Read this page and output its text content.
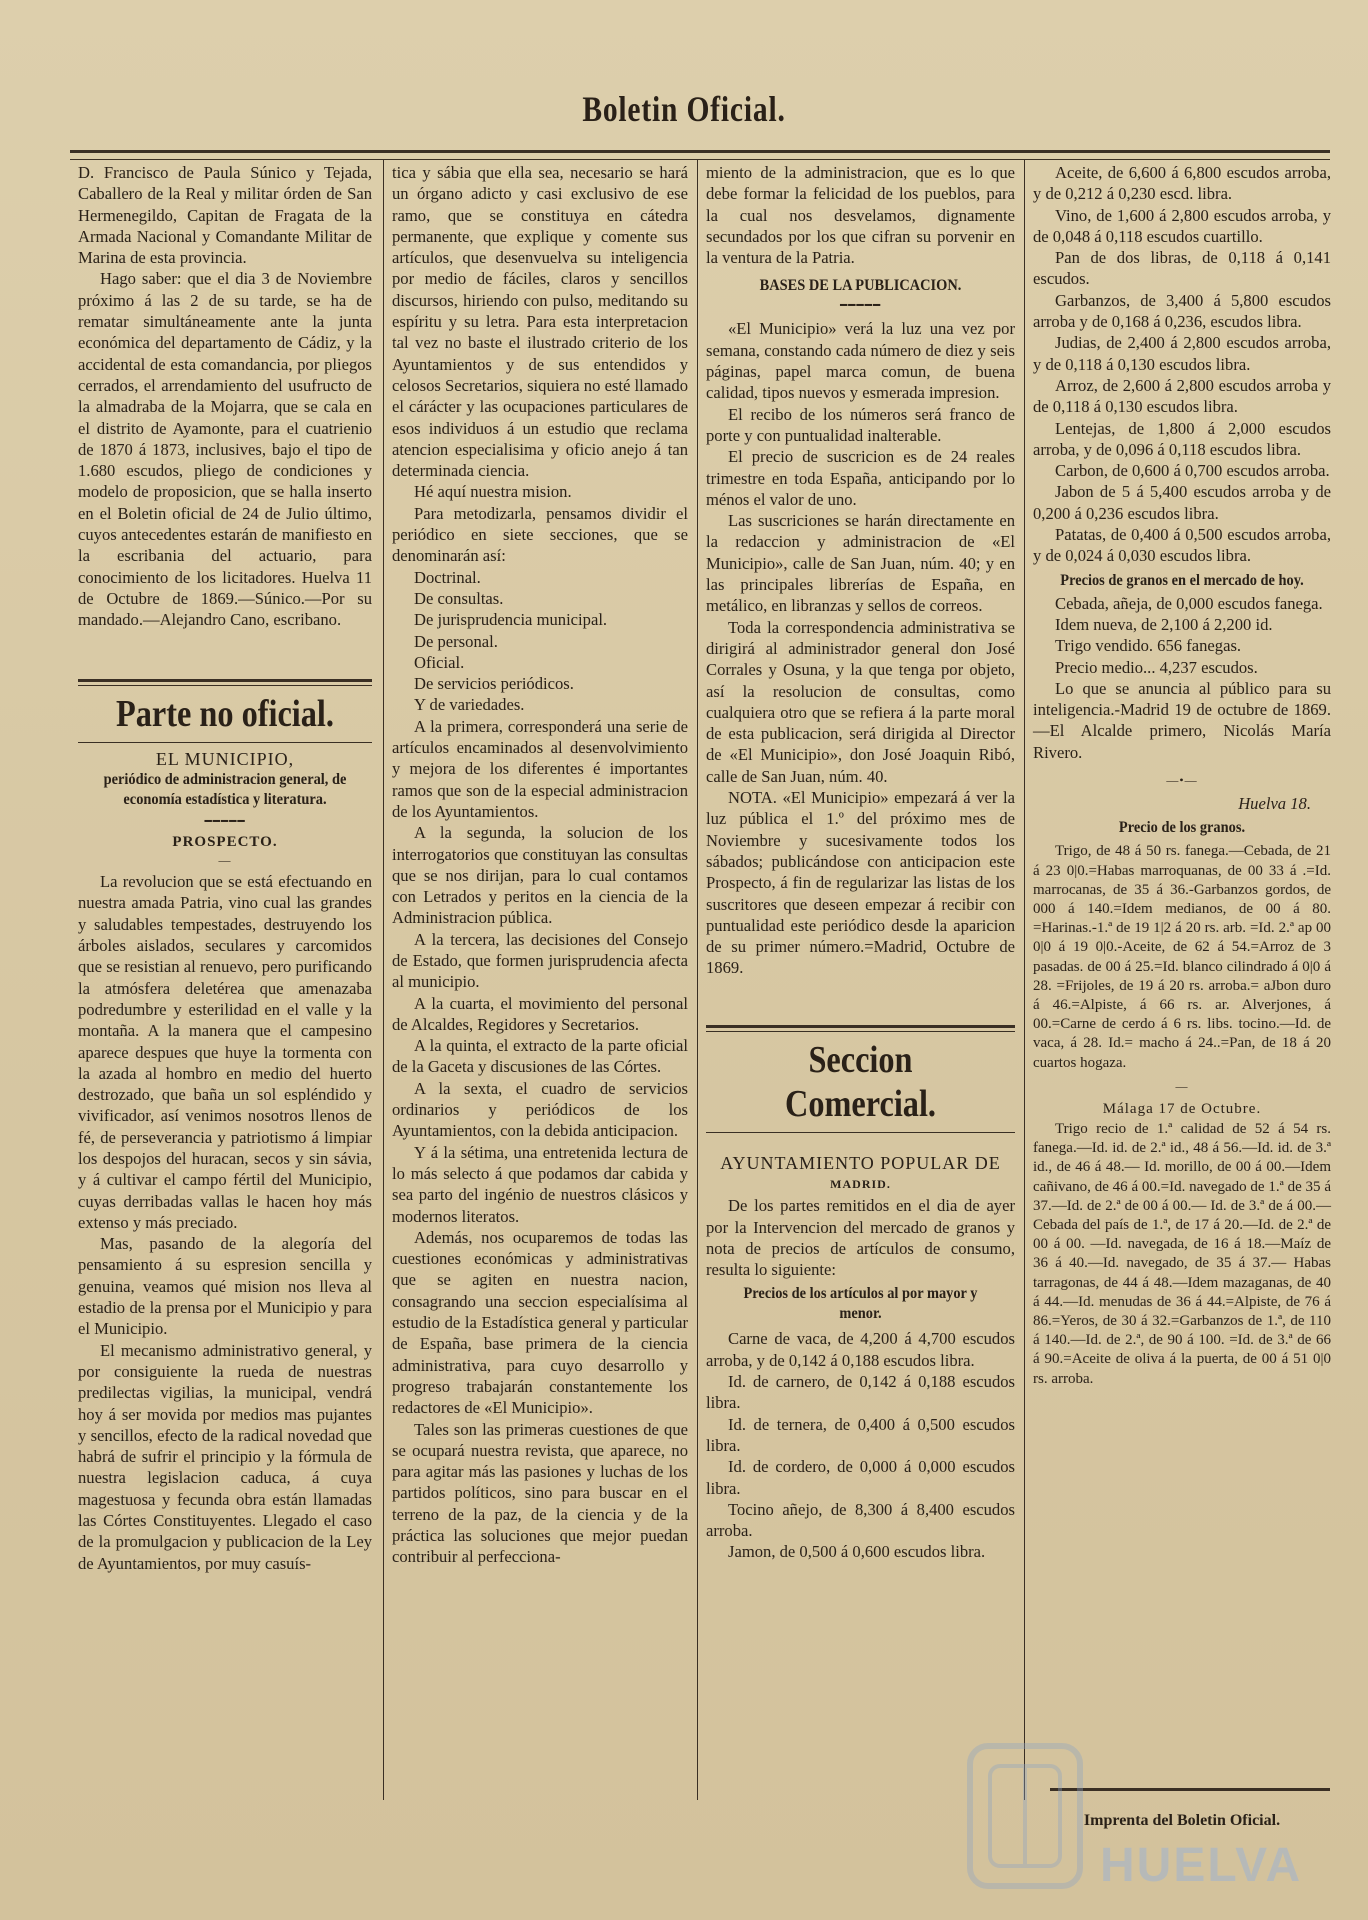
Boletin Oficial.

D. Francisco de Paula Súnico y Tejada, Caballero de la Real y militar órden de San Hermenegildo, Capitan de Fragata de la Armada Nacional y Comandante Militar de Marina de esta provincia.

Hago saber: que el dia 3 de Noviembre próximo á las 2 de su tarde, se ha de rematar simultáneamente ante la junta económica del departamento de Cádiz, y la accidental de esta comandancia, por pliegos cerrados, el arrendamiento del usufructo de la almadraba de la Mojarra, que se cala en el distrito de Ayamonte, para el cuatrienio de 1870 á 1873, inclusives, bajo el tipo de 1.680 escudos, pliego de condiciones y modelo de proposicion, que se halla inserto en el Boletin oficial de 24 de Julio último, cuyos antecedentes estarán de manifiesto en la escribania del actuario, para conocimiento de los licitadores. Huelva 11 de Octubre de 1869.—Súnico.—Por su mandado.—Alejandro Cano, escribano.

Parte no oficial.
EL MUNICIPIO,
periódico de administracion general, de economía estadística y literatura.
━━━━━
PROSPECTO.
—

La revolucion que se está efectuando en nuestra amada Patria, vino cual las grandes y saludables tempestades, destruyendo los árboles aislados, seculares y carcomidos que se resistian al renuevo, pero purificando la atmósfera deletérea que amenazaba podredumbre y esterilidad en el valle y la montaña. A la manera que el campesino aparece despues que huye la tormenta con la azada al hombro en medio del huerto destrozado, que baña un sol espléndido y vivificador, así venimos nosotros llenos de fé, de perseverancia y patriotismo á limpiar los despojos del huracan, secos y sin sávia, y á cultivar el campo fértil del Municipio, cuyas derribadas vallas le hacen hoy más extenso y más preciado.

Mas, pasando de la alegoría del pensamiento á su espresion sencilla y genuina, veamos qué mision nos lleva al estadio de la prensa por el Municipio y para el Municipio.

El mecanismo administrativo general, y por consiguiente la rueda de nuestras predilectas vigilias, la municipal, vendrá hoy á ser movida por medios mas pujantes y sencillos, efecto de la radical novedad que habrá de sufrir el principio y la fórmula de nuestra legislacion caduca, á cuya magestuosa y fecunda obra están llamadas las Córtes Constituyentes. Llegado el caso de la promulgacion y publicacion de la Ley de Ayuntamientos, por muy casuís-

tica y sábia que ella sea, necesario se hará un órgano adicto y casi exclusivo de ese ramo, que se constituya en cátedra permanente, que explique y comente sus artículos, que desenvuelva su inteligencia por medio de fáciles, claros y sencillos discursos, hiriendo con pulso, meditando su espíritu y su letra. Para esta interpretacion tal vez no baste el ilustrado criterio de los Ayuntamientos y de sus entendidos y celosos Secretarios, siquiera no esté llamado el cárácter y las ocupaciones particulares de esos individuos á un estudio que reclama atencion especialisima y oficio anejo á tan determinada ciencia.

Hé aquí nuestra mision.

Para metodizarla, pensamos dividir el periódico en siete secciones, que se denominarán así:

Doctrinal.
De consultas.
De jurisprudencia municipal.
De personal.
Oficial.
De servicios periódicos.
Y de variedades.

A la primera, corresponderá una serie de artículos encaminados al desenvolvimiento y mejora de los diferentes é importantes ramos que son de la especial administracion de los Ayuntamientos.

A la segunda, la solucion de los interrogatorios que constituyan las consultas que se nos dirijan, para lo cual contamos con Letrados y peritos en la ciencia de la Administracion pública.

A la tercera, las decisiones del Consejo de Estado, que formen jurisprudencia afecta al municipio.

A la cuarta, el movimiento del personal de Alcaldes, Regidores y Secretarios.

A la quinta, el extracto de la parte oficial de la Gaceta y discusiones de las Córtes.

A la sexta, el cuadro de servicios ordinarios y periódicos de los Ayuntamientos, con la debida anticipacion.

Y á la sétima, una entretenida lectura de lo más selecto á que podamos dar cabida y sea parto del ingénio de nuestros clásicos y modernos literatos.

Además, nos ocuparemos de todas las cuestiones económicas y administrativas que se agiten en nuestra nacion, consagrando una seccion especialísima al estudio de la Estadística general y particular de España, base primera de la ciencia administrativa, para cuyo desarrollo y progreso trabajarán constantemente los redactores de «El Municipio».

Tales son las primeras cuestiones de que se ocupará nuestra revista, que aparece, no para agitar más las pasiones y luchas de los partidos políticos, sino para buscar en el terreno de la paz, de la ciencia y de la práctica las soluciones que mejor puedan contribuir al perfecciona-

miento de la administracion, que es lo que debe formar la felicidad de los pueblos, para la cual nos desvelamos, dignamente secundados por los que cifran su porvenir en la ventura de la Patria.

BASES DE LA PUBLICACION.
━━━━━

«El Municipio» verá la luz una vez por semana, constando cada número de diez y seis páginas, papel marca comun, de buena calidad, tipos nuevos y esmerada impresion.

El recibo de los números será franco de porte y con puntualidad inalterable.

El precio de suscricion es de 24 reales trimestre en toda España, anticipando por lo ménos el valor de uno.

Las suscriciones se harán directamente en la redaccion y administracion de «El Municipio», calle de San Juan, núm. 40; y en las principales librerías de España, en metálico, en libranzas y sellos de correos.

Toda la correspondencia administrativa se dirigirá al administrador general don José Corrales y Osuna, y la que tenga por objeto, así la resolucion de consultas, como cualquiera otro que se refiera á la parte moral de esta publicacion, será dirigida al Director de «El Municipio», don José Joaquin Ribó, calle de San Juan, núm. 40.

NOTA. «El Municipio» empezará á ver la luz pública el 1.º del próximo mes de Noviembre y sucesivamente todos los sábados; publicándose con anticipacion este Prospecto, á fin de regularizar las listas de los suscritores que deseen empezar á recibir con puntualidad este periódico desde la aparicion de su primer número.=Madrid, Octubre de 1869.

Seccion Comercial.
AYUNTAMIENTO POPULAR DE
MADRID.

De los partes remitidos en el dia de ayer por la Intervencion del mercado de granos y nota de precios de artículos de consumo, resulta lo siguiente:

Precios de los artículos al por mayor y menor.

Carne de vaca, de 4,200 á 4,700 escudos arroba, y de 0,142 á 0,188 escudos libra.

Id. de carnero, de 0,142 á 0,188 escudos libra.

Id. de ternera, de 0,400 á 0,500 escudos libra.

Id. de cordero, de 0,000 á 0,000 escudos libra.

Tocino añejo, de 8,300 á 8,400 escudos arroba.

Jamon, de 0,500 á 0,600 escudos libra.

Aceite, de 6,600 á 6,800 escudos arroba, y de 0,212 á 0,230 escd. libra.

Vino, de 1,600 á 2,800 escudos arroba, y de 0,048 á 0,118 escudos cuartillo.

Pan de dos libras, de 0,118 á 0,141 escudos.

Garbanzos, de 3,400 á 5,800 escudos arroba y de 0,168 á 0,236, escudos libra.

Judias, de 2,400 á 2,800 escudos arroba, y de 0,118 á 0,130 escudos libra.

Arroz, de 2,600 á 2,800 escudos arroba y de 0,118 á 0,130 escudos libra.

Lentejas, de 1,800 á 2,000 escudos arroba, y de 0,096 á 0,118 escudos libra.

Carbon, de 0,600 á 0,700 escudos arroba.

Jabon de 5 á 5,400 escudos arroba y de 0,200 á 0,236 escudos libra.

Patatas, de 0,400 á 0,500 escudos arroba, y de 0,024 á 0,030 escudos libra.

Precios de granos en el mercado de hoy.

Cebada, añeja, de 0,000 escudos fanega.

Idem nueva, de 2,100 á 2,200 id.

Trigo vendido. 656 fanegas.

Precio medio... 4,237 escudos.

Lo que se anuncia al público para su inteligencia.-Madrid 19 de octubre de 1869.—El Alcalde primero, Nicolás María Rivero.

—•—
Huelva 18.
Precio de los granos.

Trigo, de 48 á 50 rs. fanega.—Cebada, de 21 á 23 0|0.=Habas marroquanas, de 00 33 á .=Id. marrocanas, de 35 á 36.-Garbanzos gordos, de 000 á 140.=Idem medianos, de 00 á 80. =Harinas.-1.ª de 19 1|2 á 20 rs. arb. =Id. 2.ª ap 00 0|0 á 19 0|0.-Aceite, de 62 á 54.=Arroz de 3 pasadas. de 00 á 25.=Id. blanco cilindrado á 0|0 á 28. =Frijoles, de 19 á 20 rs. arroba.= aJbon duro á 46.=Alpiste, á 66 rs. ar. Alverjones, á 00.=Carne de cerdo á 6 rs. libs. tocino.—Id. de vaca, á 28. Id.= macho á 24..=Pan, de 18 á 20 cuartos hogaza.

—
Málaga 17 de Octubre.

Trigo recio de 1.ª calidad de 52 á 54 rs. fanega.—Id. id. de 2.ª id., 48 á 56.—Id. id. de 3.ª id., de 46 á 48.— Id. morillo, de 00 á 00.—Idem cañivano, de 46 á 00.=Id. navegado de 1.ª de 35 á 37.—Id. de 2.ª de 00 á 00.— Id. de 3.ª de á 00.—Cebada del país de 1.ª, de 17 á 20.—Id. de 2.ª de 00 á 00. —Id. navegada, de 16 á 18.—Maíz de 36 á 40.—Id. navegado, de 35 á 37.— Habas tarragonas, de 44 á 48.—Idem mazaganas, de 40 á 44.—Id. menudas de 36 á 44.=Alpiste, de 76 á 86.=Yeros, de 30 á 32.=Garbanzos de 1.ª, de 110 á 140.—Id. de 2.ª, de 90 á 100. =Id. de 3.ª de 66 á 90.=Aceite de oliva á la puerta, de 00 á 51 0|0 rs. arroba.

Imprenta del Boletin Oficial.
HUELVA
